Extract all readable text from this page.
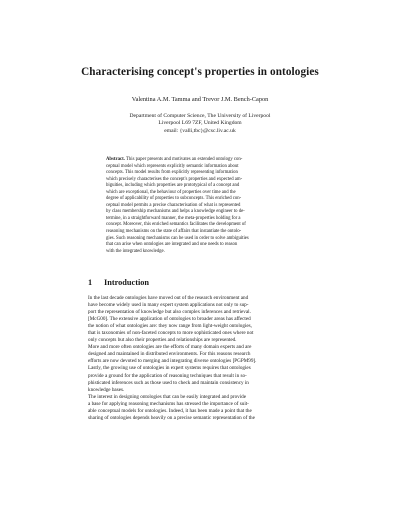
Characterising concept's properties in ontologies
Valentina A.M. Tamma and Trevor J.M. Bench-Capon
Department of Computer Science, The University of Liverpool
Liverpool L69 7ZF, United Kingdom
email: {valli,tbc}@csc.liv.ac.uk
Abstract. This paper presents and motivates an extended ontology con-
ceptual model which represents explicitly semantic information about
concepts. This model results from explicitly representing information
which precisely characterises the concept's properties and expected am-
biguities, including which properties are prototypical of a concept and
which are exceptional, the behaviour of properties over time and the
degree of applicability of properties to subconcepts. This enriched con-
ceptual model permits a precise characterisation of what is represented
by class membership mechanisms and helps a knowledge engineer to de-
termine, in a straightforward manner, the meta-properties holding for a
concept. Moreover, this enriched semantics facilitates the development of
reasoning mechanisms on the state of affairs that instantiate the ontolo-
gies. Such reasoning mechanisms can be used in order to solve ambiguities
that can arise when ontologies are integrated and one needs to reason
with the integrated knowledge.
1 Introduction
In the last decade ontologies have moved out of the research environment and
have become widely used in many expert system applications not only to sup-
port the representation of knowledge but also complex inferences and retrieval.
[McG00]. The extensive application of ontologies to broader areas has affected
the notion of what ontologies are: they now range from light-weight ontologies,
that is taxonomies of non-faceted concepts to more sophisticated ones where not
only concepts but also their properties and relationships are represented.
More and more often ontologies are the efforts of many domain experts and are
designed and maintained in distributed environments. For this reasons research
efforts are now devoted to merging and integrating diverse ontologies [PGPM99].
Lastly, the growing use of ontologies in expert systems requires that ontologies
provide a ground for the application of reasoning techniques that result in so-
phisticated inferences such as those used to check and maintain consistency in
knowledge bases.
The interest in designing ontologies that can be easily integrated and provide
a base for applying reasoning mechanisms has stressed the importance of suit-
able conceptual models for ontologies. Indeed, it has been made a point that the
sharing of ontologies depends heavily on a precise semantic representation of the
